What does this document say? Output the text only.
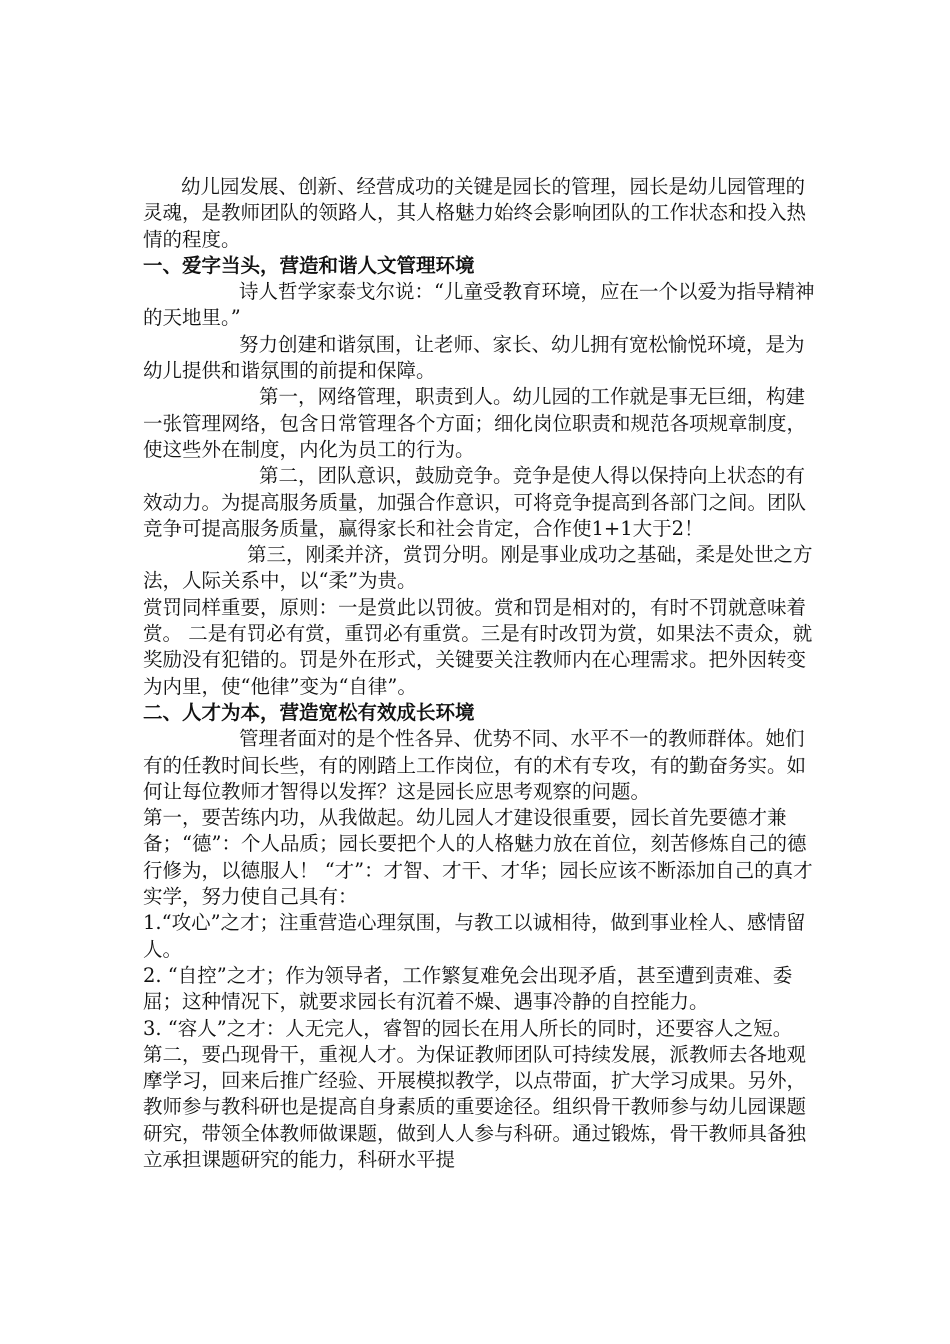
幼儿园发展、创新、经营成功的关键是园长的管理，园长是幼儿园管理的灵魂，是教师团队的领路人，其人格魅力始终会影响团队的工作状态和投入热情的程度。

一、爱字当头，营造和谐人文管理环境

诗人哲学家泰戈尔说：“儿童受教育环境，应在一个以爱为指导精神的天地里。”

努力创建和谐氛围，让老师、家长、幼儿拥有宽松愉悦环境，是为幼儿提供和谐氛围的前提和保障。

第一，网络管理，职责到人。幼儿园的工作就是事无巨细，构建一张管理网络，包含日常管理各个方面；细化岗位职责和规范各项规章制度，使这些外在制度，内化为员工的行为。

第二，团队意识，鼓励竞争。竞争是使人得以保持向上状态的有效动力。为提高服务质量，加强合作意识，可将竞争提高到各部门之间。团队竞争可提高服务质量，赢得家长和社会肯定，合作使1+1大于2！

第三，刚柔并济，赏罚分明。刚是事业成功之基础，柔是处世之方法，人际关系中，以“柔”为贵。

赏罚同样重要，原则：一是赏此以罚彼。赏和罚是相对的，有时不罚就意味着赏。 二是有罚必有赏，重罚必有重赏。三是有时改罚为赏，如果法不责众，就奖励没有犯错的。罚是外在形式，关键要关注教师内在心理需求。把外因转变为内里，使“他律”变为“自律”。

二、人才为本，营造宽松有效成长环境

管理者面对的是个性各异、优势不同、水平不一的教师群体。她们有的任教时间长些，有的刚踏上工作岗位，有的术有专攻，有的勤奋务实。如何让每位教师才智得以发挥？这是园长应思考观察的问题。

第一，要苦练内功，从我做起。幼儿园人才建设很重要，园长首先要德才兼备；“德”：个人品质；园长要把个人的人格魅力放在首位，刻苦修炼自己的德行修为，以德服人！ “才”：才智、才干、才华；园长应该不断添加自己的真才实学，努力使自己具有：

1.“攻心”之才；注重营造心理氛围，与教工以诚相待，做到事业栓人、感情留人。

2. “自控”之才；作为领导者，工作繁复难免会出现矛盾，甚至遭到责难、委屈；这种情况下，就要求园长有沉着不燥、遇事冷静的自控能力。

3. “容人”之才：人无完人，睿智的园长在用人所长的同时，还要容人之短。

第二，要凸现骨干，重视人才。为保证教师团队可持续发展，派教师去各地观摩学习，回来后推广经验、开展模拟教学，以点带面，扩大学习成果。另外，教师参与教科研也是提高自身素质的重要途径。组织骨干教师参与幼儿园课题研究，带领全体教师做课题，做到人人参与科研。通过锻炼，骨干教师具备独立承担课题研究的能力，科研水平提
